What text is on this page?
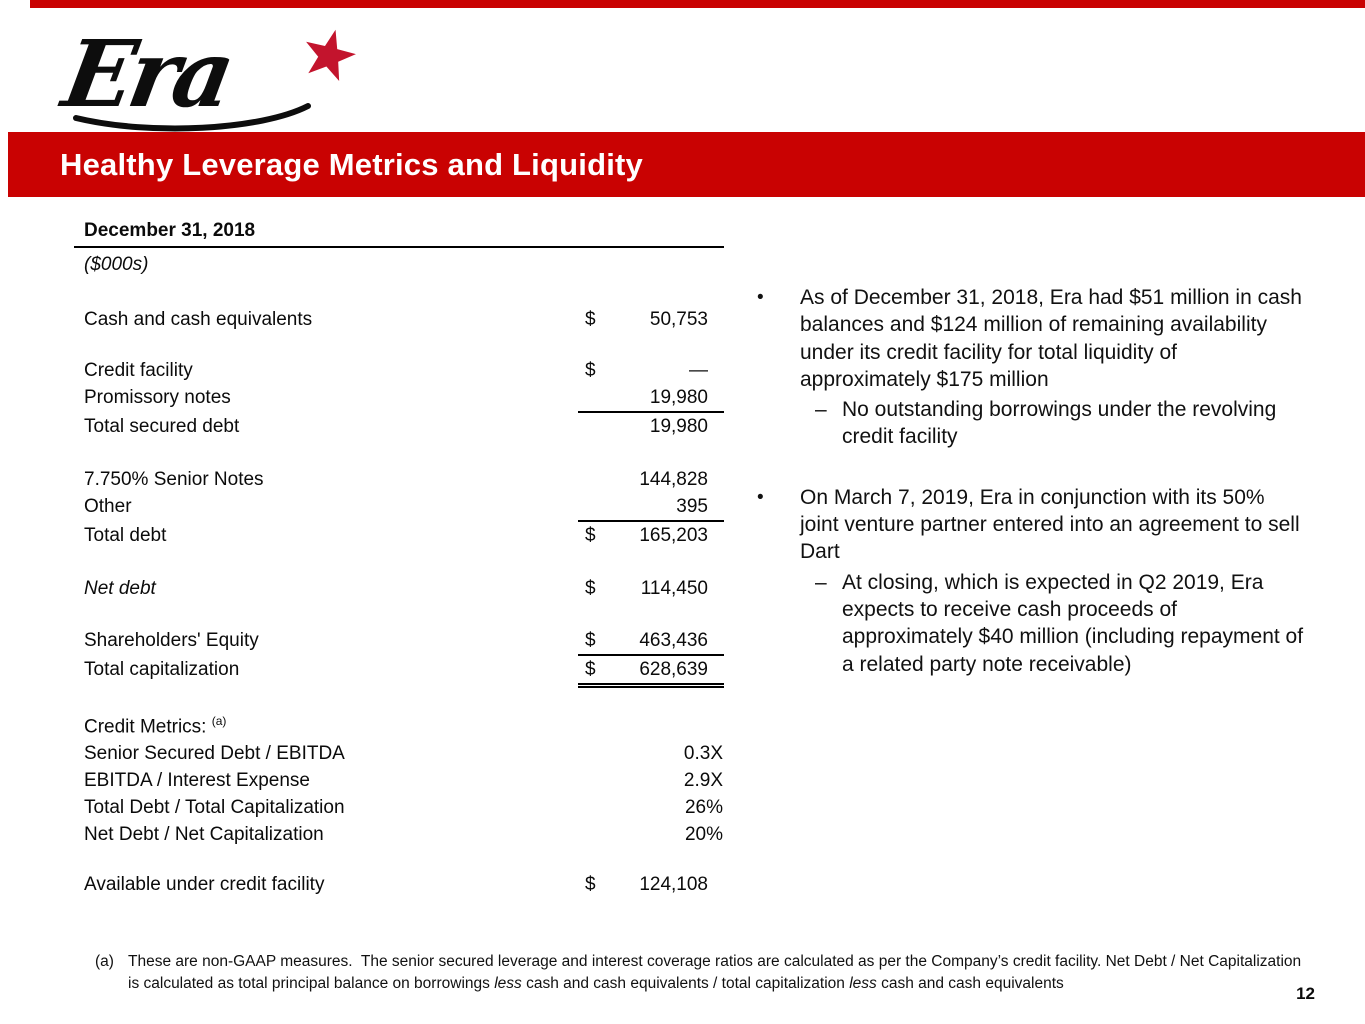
Era
Healthy Leverage Metrics and Liquidity
December 31, 2018
($000s)
Cash and cash equivalents	$	50,753
Credit facility	$	—
Promissory notes	19,980
Total secured debt	19,980
7.750% Senior Notes	144,828
Other	395
Total debt	$	165,203
Net debt	$	114,450
Shareholders' Equity	$	463,436
Total capitalization	$	628,639
Credit Metrics: $^{(a)}$
Senior Secured Debt / EBITDA	0.3X
EBITDA / Interest Expense	2.9X
Total Debt / Total Capitalization	26%
Net Debt / Net Capitalization	20%
Available under credit facility	$	124,108
•	As of December 31, 2018, Era had $51 million in cash balances and $124 million of remaining availability under its credit facility for total liquidity of approximately $175 million
– No outstanding borrowings under the revolving credit facility
•	On March 7, 2019, Era in conjunction with its 50% joint venture partner entered into an agreement to sell Dart
– At closing, which is expected in Q2 2019, Era expects to receive cash proceeds of approximately $40 million (including repayment of a related party note receivable)
(a) These are non-GAAP measures.  The senior secured leverage and interest coverage ratios are calculated as per the Company’s credit facility. Net Debt / Net Capitalization is calculated as total principal balance on borrowings less cash and cash equivalents / total capitalization less cash and cash equivalents
12
